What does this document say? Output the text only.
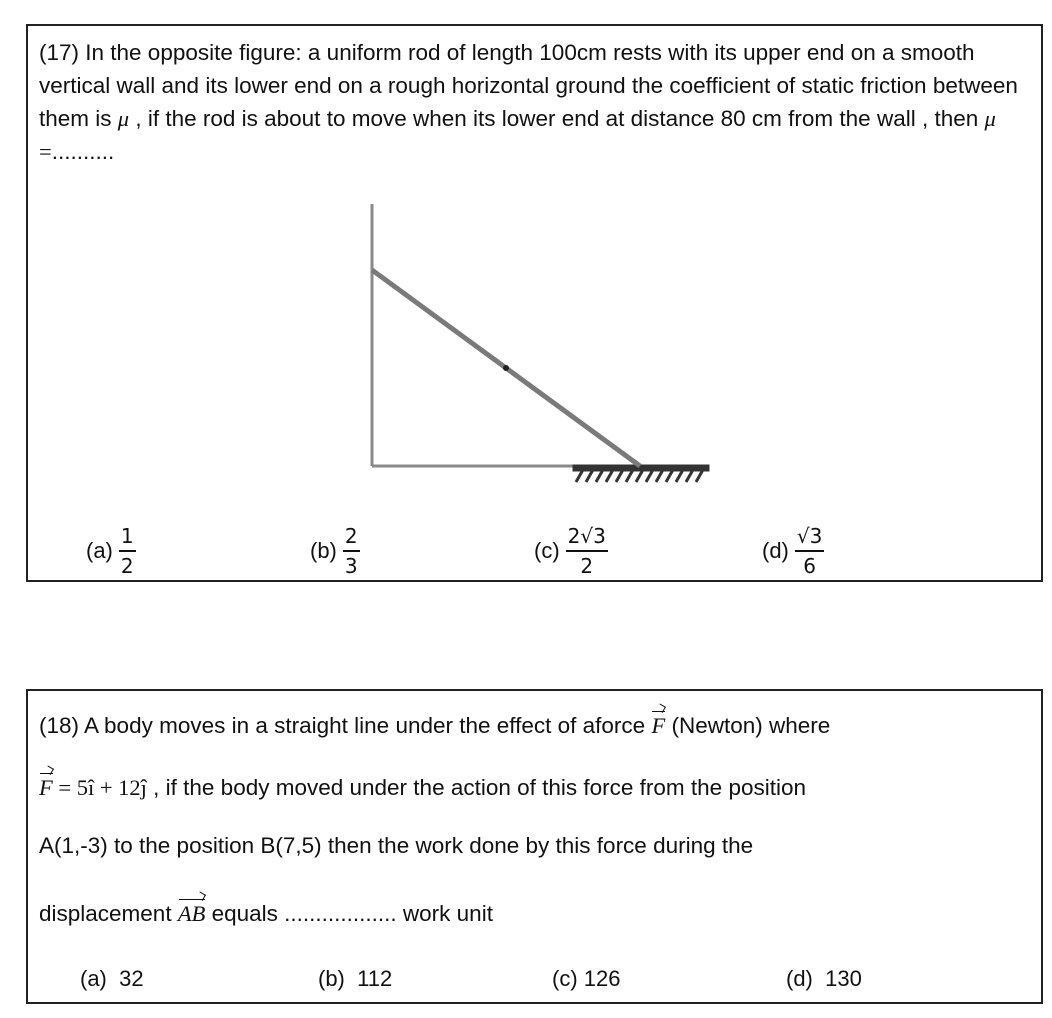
(17) In the opposite figure: a uniform rod of length 100cm rests with its upper end on a smooth vertical wall and its lower end on a rough horizontal ground the coefficient of static friction between them is μ , if the rod is about to move when its lower end at distance 80 cm from the wall , then μ =..........
$(a) \frac{1}{2}$	$(b) \frac{2}{3}$	$(c) \frac{2√3}{2}$	$(d) \frac{√3}{6}$
(18) A body moves in a straight line under the effect of aforce F (Newton) where
F = 5î + 12ĵ , if the body moved under the action of this force from the position
A(1,-3) to the position B(7,5) then the work done by this force during the
displacement AB equals .................. work unit
(a) 32	(b) 112	(c) 126	(d) 130
